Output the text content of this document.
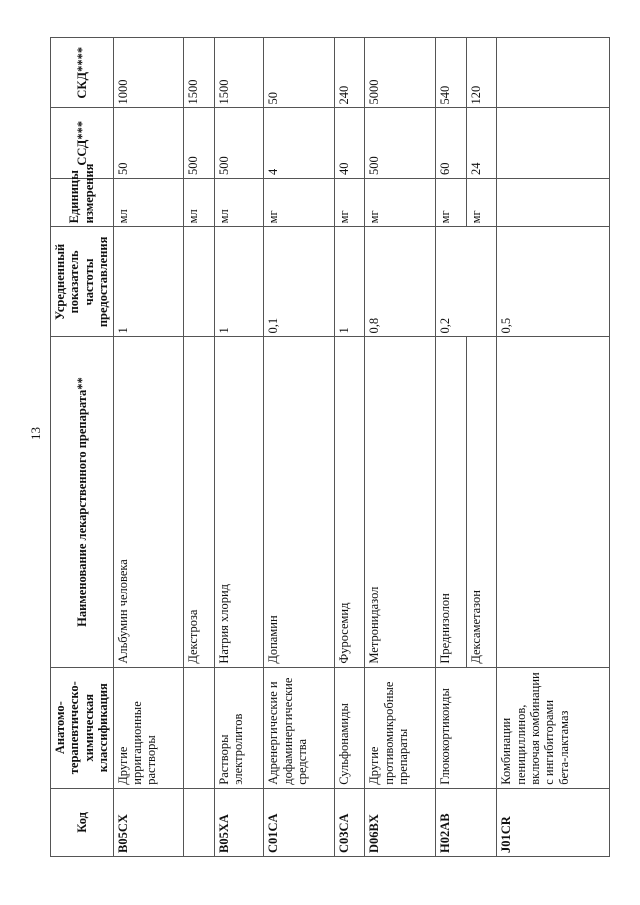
13
Код	Анатомо-терапевтическо-химическая классификация	Наименование лекарственного препарата**	Усредненный показатель частоты предоставления	Единицы измерения	ССД***	СКД****
B05CX	Другие ирригационные растворы	Альбумин человека	1	мл	50	1000
		Декстроза		мл	500	1500
B05XA	Растворы электролитов	Натрия хлорид	1	мл	500	1500
C01CA	Адренергические и дофаминергические средства	Допамин	0,1	мг	4	50
C03CA	Сульфонамиды	Фуросемид	1	мг	40	240
D06BX	Другие противомикробные препараты	Метронидазол	0,8	мг	500	5000
H02AB	Глюкокортикоиды	Преднизолон	0,2	мг	60	540
		Дексаметазон		мг	24	120
J01CR	Комбинации пенициллинов, включая комбинации с ингибиторами бета-лактамаз		0,5			
